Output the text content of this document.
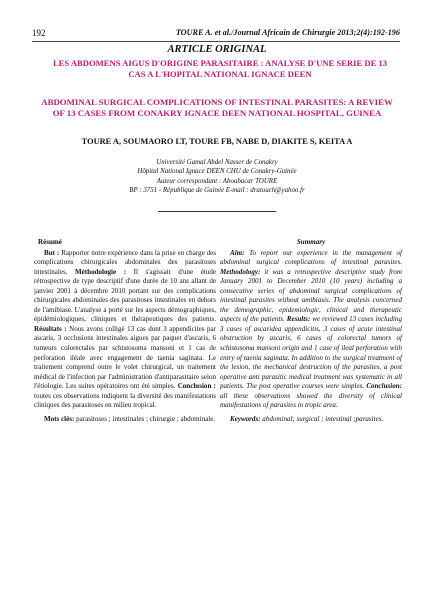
192	TOURE A. et al./Journal Africain de Chirurgie 2013;2(4):192-196
ARTICLE ORIGINAL
LES ABDOMENS AIGUS D'ORIGINE PARASITAIRE : ANALYSE D'UNE SERIE DE 13 CAS A L'HOPITAL NATIONAL IGNACE DEEN
ABDOMINAL SURGICAL COMPLICATIONS OF INTESTINAL PARASITES: A REVIEW OF 13 CASES FROM CONAKRY IGNACE DEEN NATIONAL HOSPITAL, GUINEA
TOURE A, SOUMAORO LT, TOURE FB, NABE D, DIAKITE S, KEITA A
Université Gamal Abdel Nasser de Conakry
Hôpital National Ignace DEEN CHU de Conakry-Guinée
Auteur correspondant : Aboubacar TOURE
BP : 3751 - République de Guinée E-mail : dratouch@yahoo.fr
Résumé

But : Rapporter notre expérience dans la prise en charge des complications chirurgicales abdominales des parasitoses intestinales. Méthodologie : Il s'agissait d'une étude rétrospective de type descriptif d'une durée de 10 ans allant de janvier 2001 à décembre 2010 portant sur des complications chirurgicales abdominales des parasitoses intestinales en dehors de l'amibiase. L'analyse a porté sur les aspects démographiques, épidémiologiques, cliniques et thérapeutiques des patients. Résultats : Nous avons colligé 13 cas dont 3 appendicites par ascaris, 3 occlusions intestinales aigues par paquet d'ascaris, 6 tumeurs colorectales par schistosoma mansoni et 1 cas de perforation iléale avec engagement de taenia saginata. Le traitement comprend outre le volet chirurgical, un traitement médical de l'infection par l'administration d'antiparasitaire selon l'étiologie. Les suites opératoires ont été simples. Conclusion : toutes ces observations indiquent la diversité des manifestations cliniques des parasitoses en milieu tropical.

Mots clés: parasitoses ; intestinales ; chirurgie ; abdominale.

Summary

Aim: To report our experience in the management of abdominal surgical complications of intestinal parasites. Methodology: it was a retrospective descriptive study from January 2001 to December 2010 (10 years) including a consecutive series of abdominal surgical complications of intestinal parasites without amibiasis. The analysis concerned the demographic, epidemiologic, clinical and therapeutic aspects of the patients. Results: we reviewed 13 cases including 3 cases of ascaridea appendicitis, 3 cases of acute intestinal obstruction by ascaris, 6 cases of colorectal tumors of schistosoma mansoni origin and 1 case of ileal perforation with entry of taenia saginata. In addition to the surgical treatment of the lesion, the mechanical destruction of the parasites, a post operative anti parasitic medical treatment was systematic in all patients. The post operative courses were simples. Conclusion: all these observations showed the diversity of clinical manifestations of parasites in tropic area.

Keywords: abdominal; surgical ; intestinal ;parasites.
